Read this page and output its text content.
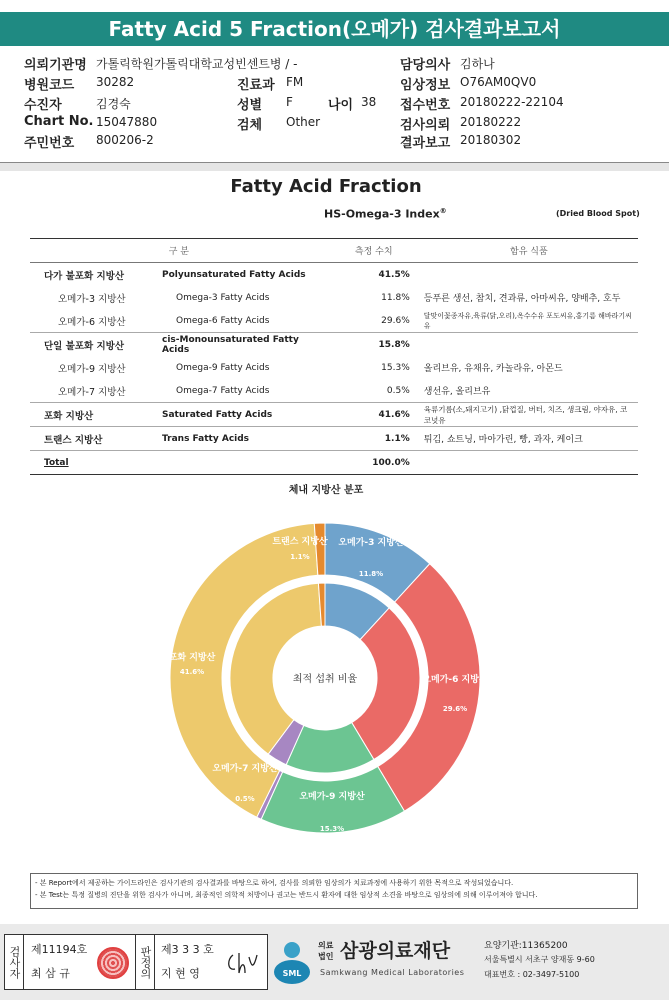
Fatty Acid 5 Fraction(오메가) 검사결과보고서
의뢰기관명 가톨릭학원가톨릭대학교성빈센트병 / -	담당의사 김하나
병원코드 30282	진료과 FM	임상정보 O76AM0QV0
수진자	김경숙	성별 F	나이 38 접수번호 20180222-22104
Chart No. 15047880	검체 Other	검사의뢰 20180222
주민번호 800206-2	결과보고 20180302
Fatty Acid Fraction
HS-Omega-3 Index®	(Dried Blood Spot)
구 분		측정 수치	함유 식품
다가 불포화 지방산	Polyunsaturated Fatty Acids	41.5%	
오메가-3 지방산	Omega-3 Fatty Acids	11.8%	등푸른 생선, 참치, 견과류, 아마씨유, 양배추, 호두
오메가-6 지방산	Omega-6 Fatty Acids	29.6%	달맞이꽃종자유,육류(닭,오리),옥수수유 포도씨유,홍기름 해바라기씨유
단일 불포화 지방산	cis-Monounsaturated Fatty Acids	15.8%	
오메가-9 지방산	Omega-9 Fatty Acids	15.3%	올리브유, 유채유, 카놀라유, 아몬드
오메가-7 지방산	Omega-7 Fatty Acids	0.5%	생선유, 올리브유
포화 지방산	Saturated Fatty Acids	41.6%	육류기름(소,돼지고기) ,닭껍질, 버터, 치즈, 생크림, 야자유, 코코넛유
트랜스 지방산	Trans Fatty Acids	1.1%	튀김, 쇼트닝, 마아가린, 빵, 과자, 케이크
Total		100.0%	
체내 지방산 분포
최적 섭취 비율
오메가-3 지방산
11.8%
오메가-6 지방산
29.6%
오메가-9 지방산
15.3%
오메가-7 지방산
0.5%
포화 지방산
41.6%
트랜스 지방산
1.1%
- 본 Report에서 제공하는 가이드라인은 검사기관의 검사결과를 바탕으로 하여, 검사를 의뢰한 임상의가 치료과정에 사용하기 위한 목적으로 작성되었습니다.
- 본 Test는 특정 질병의 진단을 위한 검사가 아니며, 최종적인 의학적 처방이나 권고는 반드시 환자에 대한 임상적 소견을 바탕으로 임상의에 의해 이루어져야 합니다.
검사자 제11194호
최 삼 규	판정의 제3 3 3 호
지 현 영	SML
의료
법인 삼광의료재단
Samkwang Medical Laboratories
요양기관:11365200
서울특별시 서초구 양재동 9-60
대표번호 : 02-3497-5100
